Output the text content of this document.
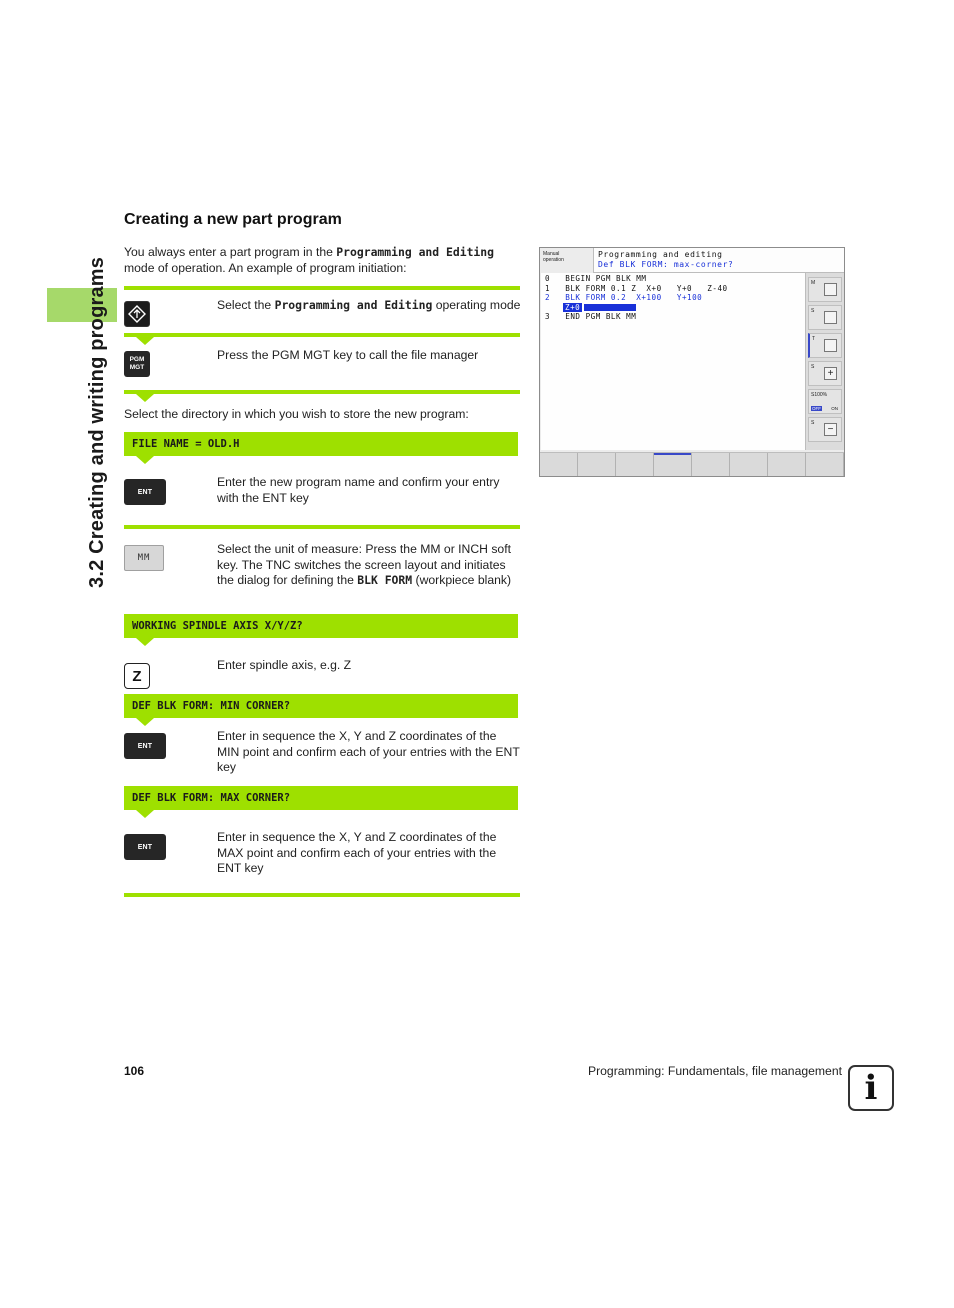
3.2 Creating and writing programs
Creating a new part program

You always enter a part program in the Programming and Editing mode of operation. An example of program initiation:

Select the Programming and Editing operating mode

PGM
MGT

Press the PGM MGT key to call the file manager

Select the directory in which you wish to store the new program:

FILE NAME = OLD.H
ENT

Enter the new program name and confirm your entry with the ENT key

MM

Select the unit of measure: Press the MM or INCH soft key. The TNC switches the screen layout and initiates the dialog for defining the BLK FORM (workpiece blank)

WORKING SPINDLE AXIS X/Y/Z?
Z

Enter spindle axis, e.g. Z

DEF BLK FORM: MIN CORNER?
ENT

Enter in sequence the X, Y and Z coordinates of the MIN point and confirm each of your entries with the ENT key

DEF BLK FORM: MAX CORNER?
ENT

Enter in sequence the X, Y and Z coordinates of the MAX point and confirm each of your entries with the ENT key

Manual
operation
Programming and editing
Def BLK FORM: max-corner?
0   BEGIN PGM BLK MM
1   BLK FORM 0.1 Z  X+0   Y+0   Z-40
2   BLK FORM 0.2  X+100   Y+100
Z+0
3   END PGM BLK MM
M
S
T
S
+
S100%
OFF ON
S
−
106	Programming: Fundamentals, file management i
